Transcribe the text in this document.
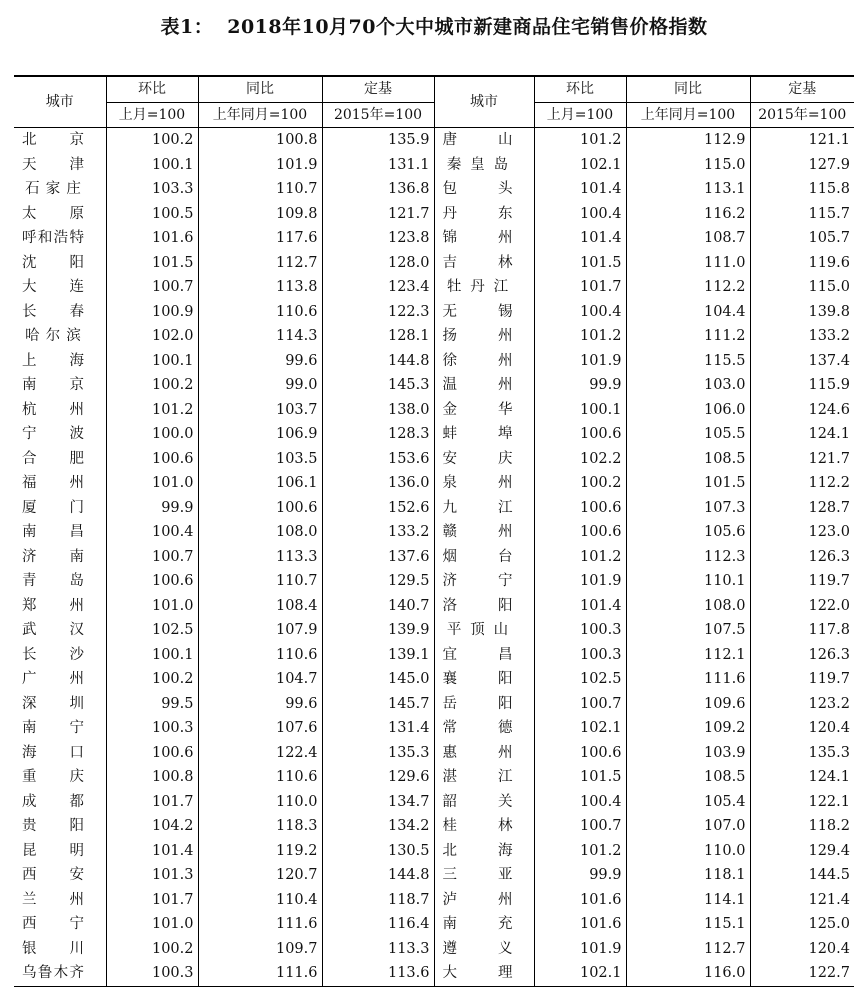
表1： 2018年10月70个大中城市新建商品住宅销售价格指数
城市	环比	同比	定基	城市	环比	同比	定基
	上月=100	上年同月=100	2015年=100		上月=100	上年同月=100	2015年=100

北 京	100.2	100.8	135.9	唐 山	101.2	112.9	121.1

天 津	100.1	101.9	131.1	秦 皇 岛	102.1	115.0	127.9

石 家 庄	103.3	110.7	136.8	包 头	101.4	113.1	115.8

太 原	100.5	109.8	121.7	丹 东	100.4	116.2	115.7

呼 和 浩 特	101.6	117.6	123.8	锦 州	101.4	108.7	105.7

沈 阳	101.5	112.7	128.0	吉 林	101.5	111.0	119.6

大 连	100.7	113.8	123.4	牡 丹 江	101.7	112.2	115.0

长 春	100.9	110.6	122.3	无 锡	100.4	104.4	139.8

哈 尔 滨	102.0	114.3	128.1	扬 州	101.2	111.2	133.2

上 海	100.1	99.6	144.8	徐 州	101.9	115.5	137.4

南 京	100.2	99.0	145.3	温 州	99.9	103.0	115.9

杭 州	101.2	103.7	138.0	金 华	100.1	106.0	124.6

宁 波	100.0	106.9	128.3	蚌 埠	100.6	105.5	124.1

合 肥	100.6	103.5	153.6	安 庆	102.2	108.5	121.7

福 州	101.0	106.1	136.0	泉 州	100.2	101.5	112.2

厦 门	99.9	100.6	152.6	九 江	100.6	107.3	128.7

南 昌	100.4	108.0	133.2	赣 州	100.6	105.6	123.0

济 南	100.7	113.3	137.6	烟 台	101.2	112.3	126.3

青 岛	100.6	110.7	129.5	济 宁	101.9	110.1	119.7

郑 州	101.0	108.4	140.7	洛 阳	101.4	108.0	122.0

武 汉	102.5	107.9	139.9	平 顶 山	100.3	107.5	117.8

长 沙	100.1	110.6	139.1	宜 昌	100.3	112.1	126.3

广 州	100.2	104.7	145.0	襄 阳	102.5	111.6	119.7

深 圳	99.5	99.6	145.7	岳 阳	100.7	109.6	123.2

南 宁	100.3	107.6	131.4	常 德	102.1	109.2	120.4

海 口	100.6	122.4	135.3	惠 州	100.6	103.9	135.3

重 庆	100.8	110.6	129.6	湛 江	101.5	108.5	124.1

成 都	101.7	110.0	134.7	韶 关	100.4	105.4	122.1

贵 阳	104.2	118.3	134.2	桂 林	100.7	107.0	118.2

昆 明	101.4	119.2	130.5	北 海	101.2	110.0	129.4

西 安	101.3	120.7	144.8	三 亚	99.9	118.1	144.5

兰 州	101.7	110.4	118.7	泸 州	101.6	114.1	121.4

西 宁	101.0	111.6	116.4	南 充	101.6	115.1	125.0

银 川	100.2	109.7	113.3	遵 义	101.9	112.7	120.4

乌 鲁 木 齐	100.3	111.6	113.6	大 理	102.1	116.0	122.7
